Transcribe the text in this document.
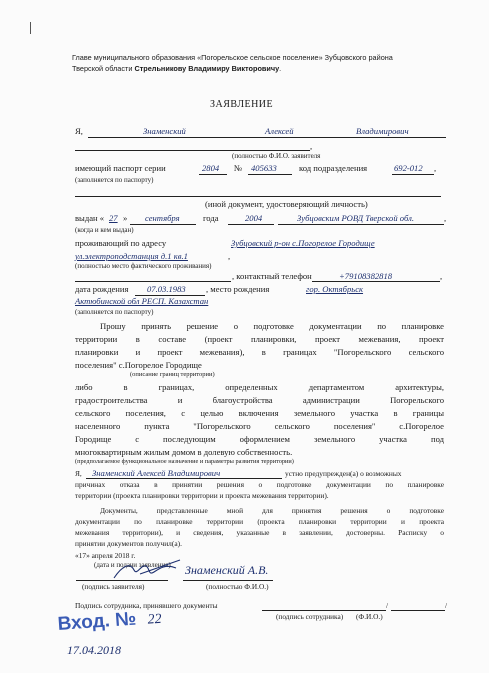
Главе муниципального образования «Погорельское сельское поселение» Зубцовского района
Тверской области Стрельникову Владимиру Викторовичу.
ЗАЯВЛЕНИЕ
Я,	Знаменский	Алексей	Владимирович
,
(полностью Ф.И.О. заявителя
имеющий паспорт серии	2804 № 405633	код подразделения	692-012 ,
(заполняется по паспорту)
(иной документ, удостоверяющий личность)
выдан « 27 » сентября	года	2004	Зубцовским РОВД Тверской обл.	,
(когда и кем выдан)
проживающий по адресу	Зубцовский р-он с.Погорелое Городище
ул.электроподстанция д.1 кв.1	,
(полностью место фактического проживания)
, контактный телефон	+79108382818	,
дата рождения 07.03.1983 , место рождения	гор. Октябрьск
Актюбинской обл РЕСП. Казахстан
(заполняется по паспорту)
Прошу принять решение о подготовке документации по планировке
территории в составе (проект планировки, проект межевания, проект
планировки и проект межевания), в границах "Погорельского сельского
поселения" с.Погорелое Городище
(описание границ территории)
либо в границах, определенных департаментом архитектуры,
градостроительства и благоустройства администрации Погорельского
сельского поселения, с целью включения земельного участка в границы
населенного пункта "Погорельского сельского поселения" с.Погорелое
Городище с последующим оформлением земельного участка под
многоквартирным жилым домом в долевую собственность.
(предполагаемое функциональное назначение и параметры развития территории)
Я, Знаменский Алексей Владимирович	устно предупрежден(а) о возможных
причинах отказа в принятии решения о подготовке документации по планировке
территории (проекта планировки территории и проекта межевания территории).
Документы, представленные мной для принятия решения о подготовке
документации по планировке территории (проекта планировки территории и проекта
межевания территории), и сведения, указанные в заявлении, достоверны. Расписку о
принятии документов получил(а).
«17» апреля 2018 г.
(дата и подачи заявления) Знаменский А.В.
(подпись заявителя)	(полностью Ф.И.О.)
Подпись сотрудника, принявшего документы	/	/
(подпись сотрудника) (Ф.И.О.)
Вход. № 22
17.04.2018
